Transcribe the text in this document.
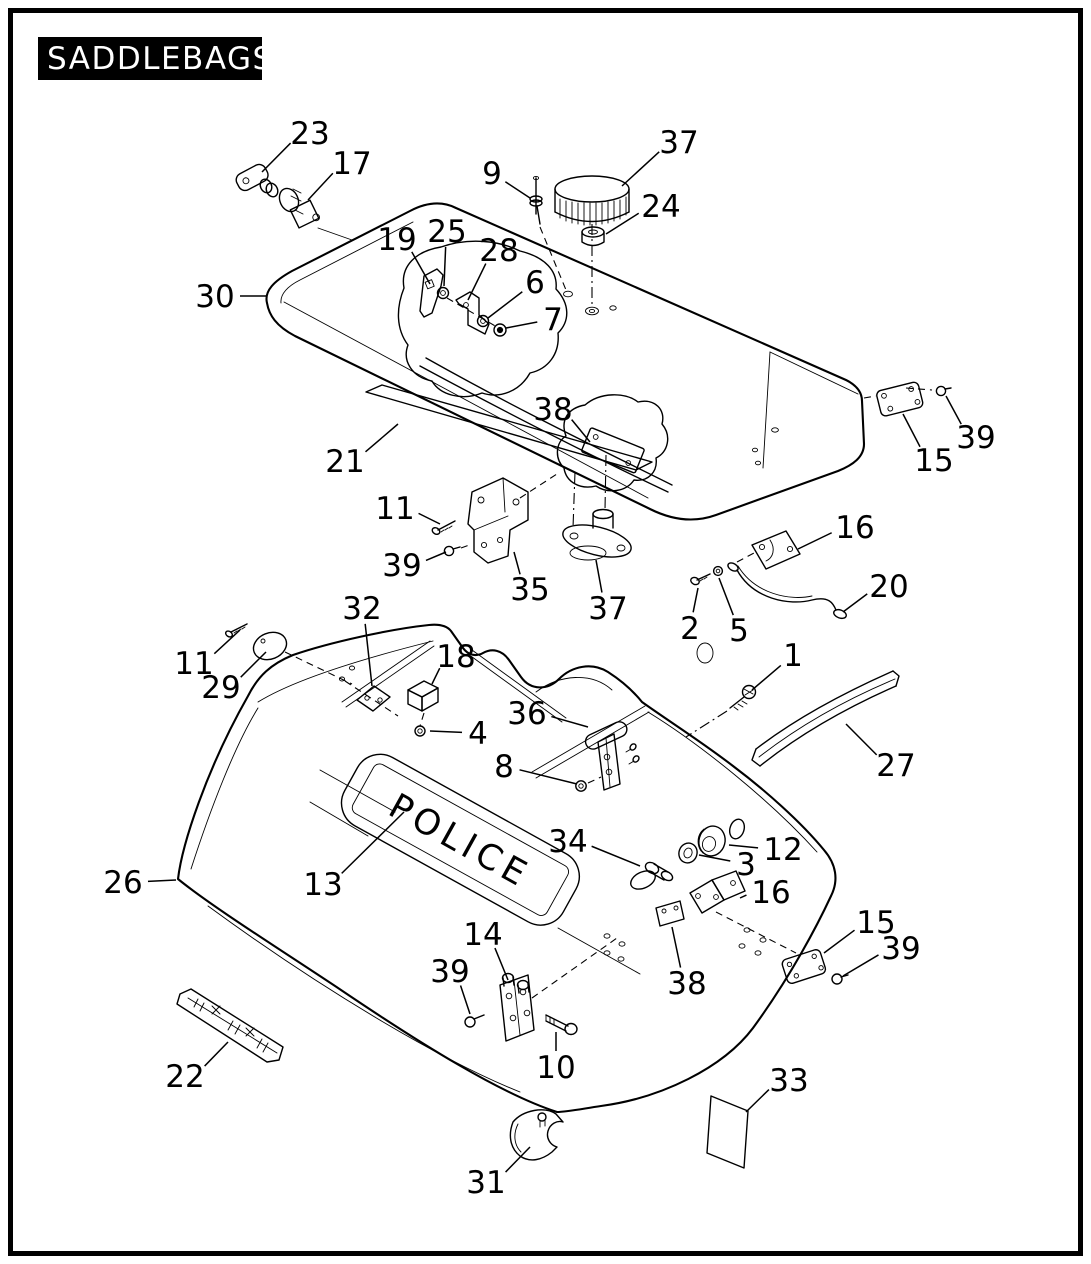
SADDLEBAGS
POLICE
23
17	9
37
24
30
19 25
28
6
7
38
21	15
39
11
39
35
37
16
20
2 5
1
32
18
11
29
4
36
8	27
34	12
3
13
26	16
15
39
14
39	38
10
22
31
33
